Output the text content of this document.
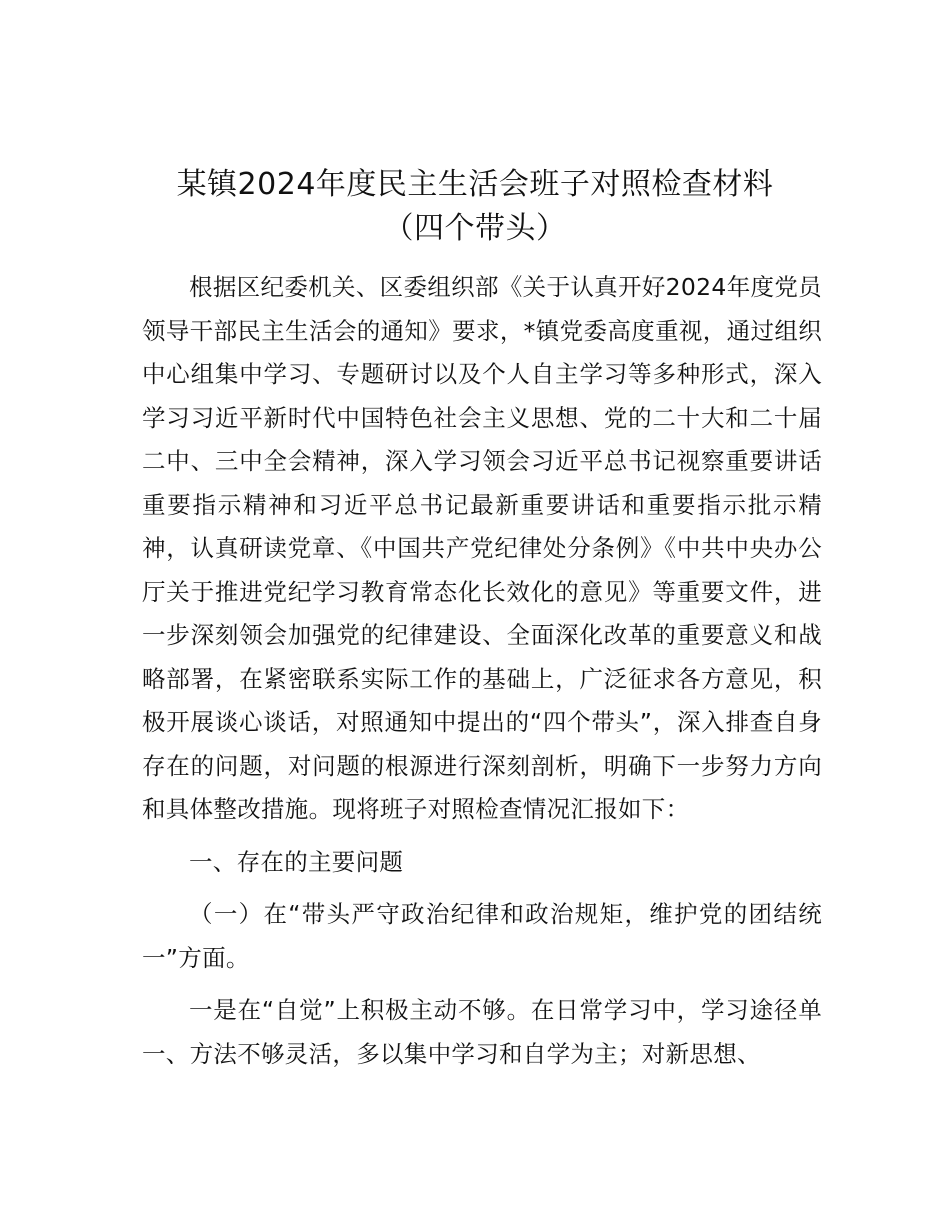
某镇2024年度民主生活会班子对照检查材料
（四个带头）

根据区纪委机关、区委组织部《关于认真开好2024年度党员领导干部民主生活会的通知》要求，*镇党委高度重视，通过组织中心组集中学习、专题研讨以及个人自主学习等多种形式，深入学习习近平新时代中国特色社会主义思想、党的二十大和二十届二中、三中全会精神，深入学习领会习近平总书记视察重要讲话重要指示精神和习近平总书记最新重要讲话和重要指示批示精神，认真研读党章、《中国共产党纪律处分条例》《中共中央办公厅关于推进党纪学习教育常态化长效化的意见》等重要文件，进一步深刻领会加强党的纪律建设、全面深化改革的重要意义和战略部署，在紧密联系实际工作的基础上，广泛征求各方意见，积极开展谈心谈话，对照通知中提出的“四个带头”，深入排查自身存在的问题，对问题的根源进行深刻剖析，明确下一步努力方向和具体整改措施。现将班子对照检查情况汇报如下：

一、存在的主要问题

（一）在“带头严守政治纪律和政治规矩，维护党的团结统一”方面。

一是在“自觉”上积极主动不够。在日常学习中，学习途径单一、方法不够灵活，多以集中学习和自学为主；对新思想、
